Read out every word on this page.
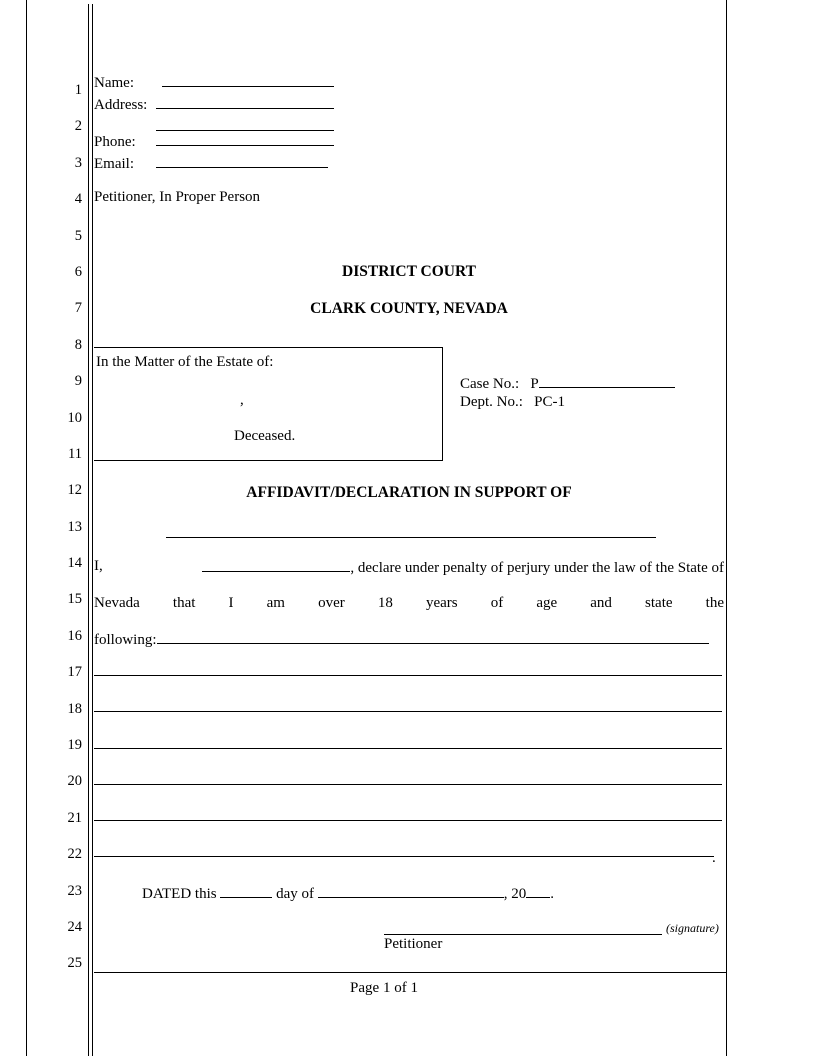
1
2
3
4
5
6
7
8
9
10
11
12
13
14
15
16
17
18
19
20
21
22
23
24
25
Name:
Address:
Phone:
Email:
Petitioner, In Proper Person
DISTRICT COURT
CLARK COUNTY, NEVADA
In the Matter of the Estate of:
,
Deceased.
Case No.: P
Dept. No.: PC-1
AFFIDAVIT/DECLARATION IN SUPPORT OF
I,	, declare under penalty of perjury under the law of the State of
Nevada that I am over 18 years of age and state the
following:
.
DATED this	day of	, 20 .
(signature)
Petitioner
Page 1 of 1
